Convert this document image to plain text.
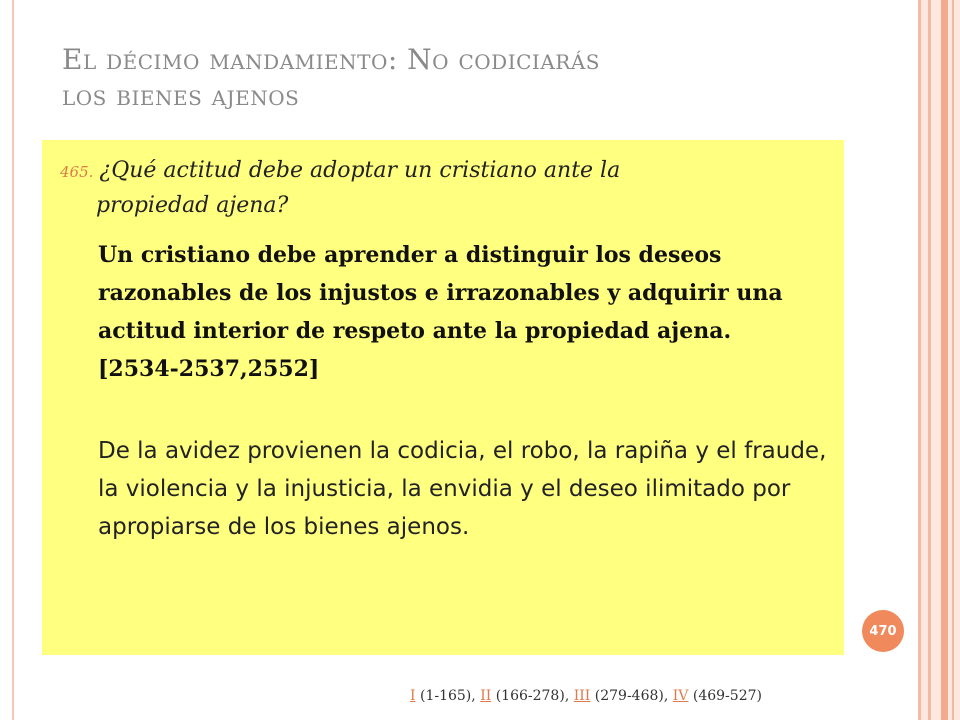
El décimo mandamiento: No codiciarás
los bienes ajenos
465. ¿Qué actitud debe adoptar un cristiano ante la
propiedad ajena?
Un cristiano debe aprender a distinguir los deseos razonables de los injustos e irrazonables y adquirir una actitud interior de respeto ante la propiedad ajena. [2534-2537,2552]
De la avidez provienen la codicia, el robo, la rapiña y el fraude, la violencia y la injusticia, la envidia y el deseo ilimitado por apropiarse de los bienes ajenos.
470
I (1-165), II (166-278), III (279-468), IV (469-527)
